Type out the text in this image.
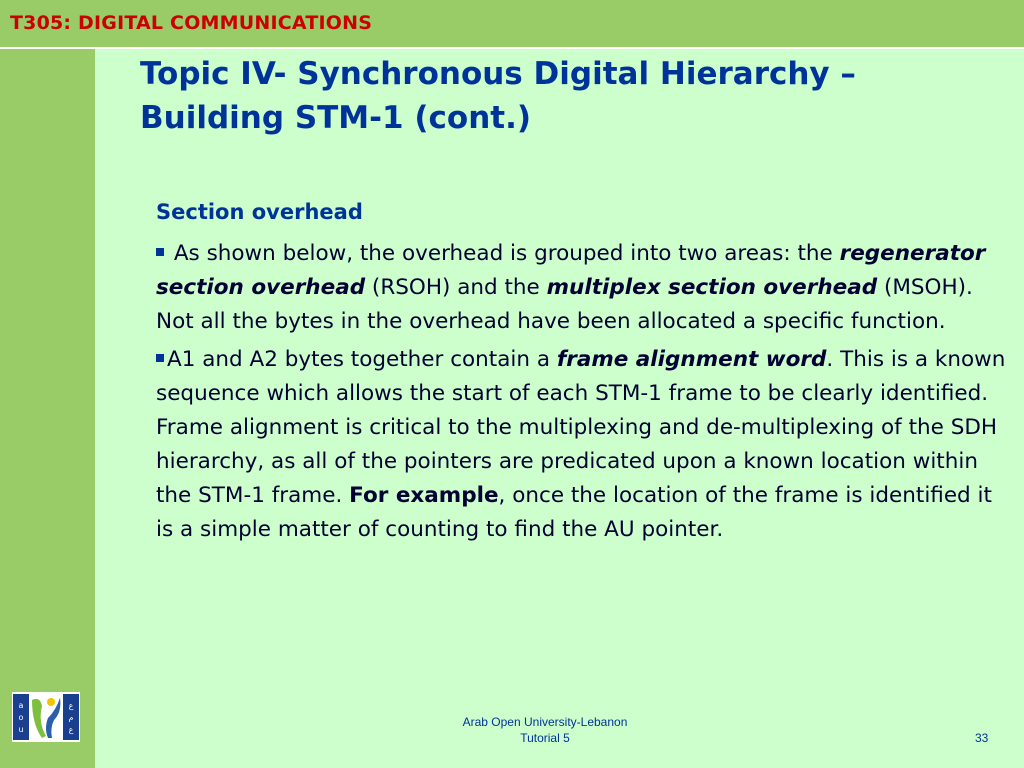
T305: DIGITAL COMMUNICATIONS
Topic IV- Synchronous Digital Hierarchy –
Building STM-1 (cont.)
Section overhead

As shown below, the overhead is grouped into two areas: the regenerator section overhead (RSOH) and the multiplex section overhead (MSOH). Not all the bytes in the overhead have been allocated a specific function.

A1 and A2 bytes together contain a frame alignment word. This is a known sequence which allows the start of each STM-1 frame to be clearly identified. Frame alignment is critical to the multiplexing and de-multiplexing of the SDH hierarchy, as all of the pointers are predicated upon a known location within the STM-1 frame. For example, once the location of the frame is identified it is a simple matter of counting to find the AU pointer.

a
o
u
ع
م
ع
Arab Open University-Lebanon
Tutorial 5	33
